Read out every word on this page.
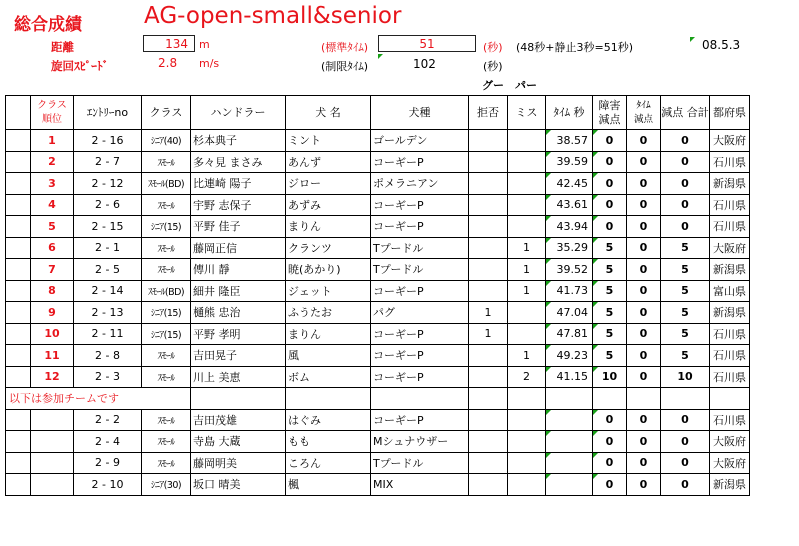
総合成績	AG-open-small&senior
距離	134	m
旋回ｽﾋﾟｰﾄﾞ	2.8 m/s
(標準ﾀｲﾑ)	51	(秒) (48秒+静止3秒=51秒)	08.5.3
(制限ﾀｲﾑ)	102	(秒)
グー　パー
	クラス
順位	ｴﾝﾄﾘｰno	クラス	ハンドラー	犬 名	犬種	拒否	ミス	ﾀｲﾑ 秒	障害
減点	ﾀｲﾑ
減点	減点 合計	都府県
	1	2 - 16	ｼﾆｱ(40)	杉本典子	ミント	ゴールデン			38.57	0	0	0	大阪府
	2	2 - 7	ｽﾓｰﾙ	多々見 まさみ	あんず	コーギーP			39.59	0	0	0	石川県
	3	2 - 12	ｽﾓｰﾙ(BD)	比連崎 陽子	ジロー	ポメラニアン			42.45	0	0	0	新潟県
	4	2 - 6	ｽﾓｰﾙ	宇野 志保子	あずみ	コーギーP			43.61	0	0	0	石川県
	5	2 - 15	ｼﾆｱ(15)	平野 佳子	まりん	コーギーP			43.94	0	0	0	石川県
	6	2 - 1	ｽﾓｰﾙ	藤岡正信	クランツ	Tプードル		1	35.29	5	0	5	大阪府
	7	2 - 5	ｽﾓｰﾙ	傳川 靜	暁(あかり)	Tプードル		1	39.52	5	0	5	新潟県
	8	2 - 14	ｽﾓｰﾙ(BD)	細井 隆臣	ジェット	コーギーP		1	41.73	5	0	5	富山県
	9	2 - 13	ｼﾆｱ(15)	樋熊 忠治	ふうたお	パグ	1		47.04	5	0	5	新潟県
	10	2 - 11	ｼﾆｱ(15)	平野 孝明	まりん	コーギーP	1		47.81	5	0	5	石川県
	11	2 - 8	ｽﾓｰﾙ	吉田晃子	風	コーギーP		1	49.23	5	0	5	石川県
	12	2 - 3	ｽﾓｰﾙ	川上 美恵	ボム	コーギーP		2	41.15	10	0	10	石川県
以下は参加チームです													
		2 - 2	ｽﾓｰﾙ	吉田茂雄	はぐみ	コーギーP				0	0	0	石川県
		2 - 4	ｽﾓｰﾙ	寺島 大蔵	もも	Mシュナウザー				0	0	0	大阪府
		2 - 9	ｽﾓｰﾙ	藤岡明美	ころん	Tプードル				0	0	0	大阪府
		2 - 10	ｼﾆｱ(30)	坂口 晴美	楓	MIX				0	0	0	新潟県
